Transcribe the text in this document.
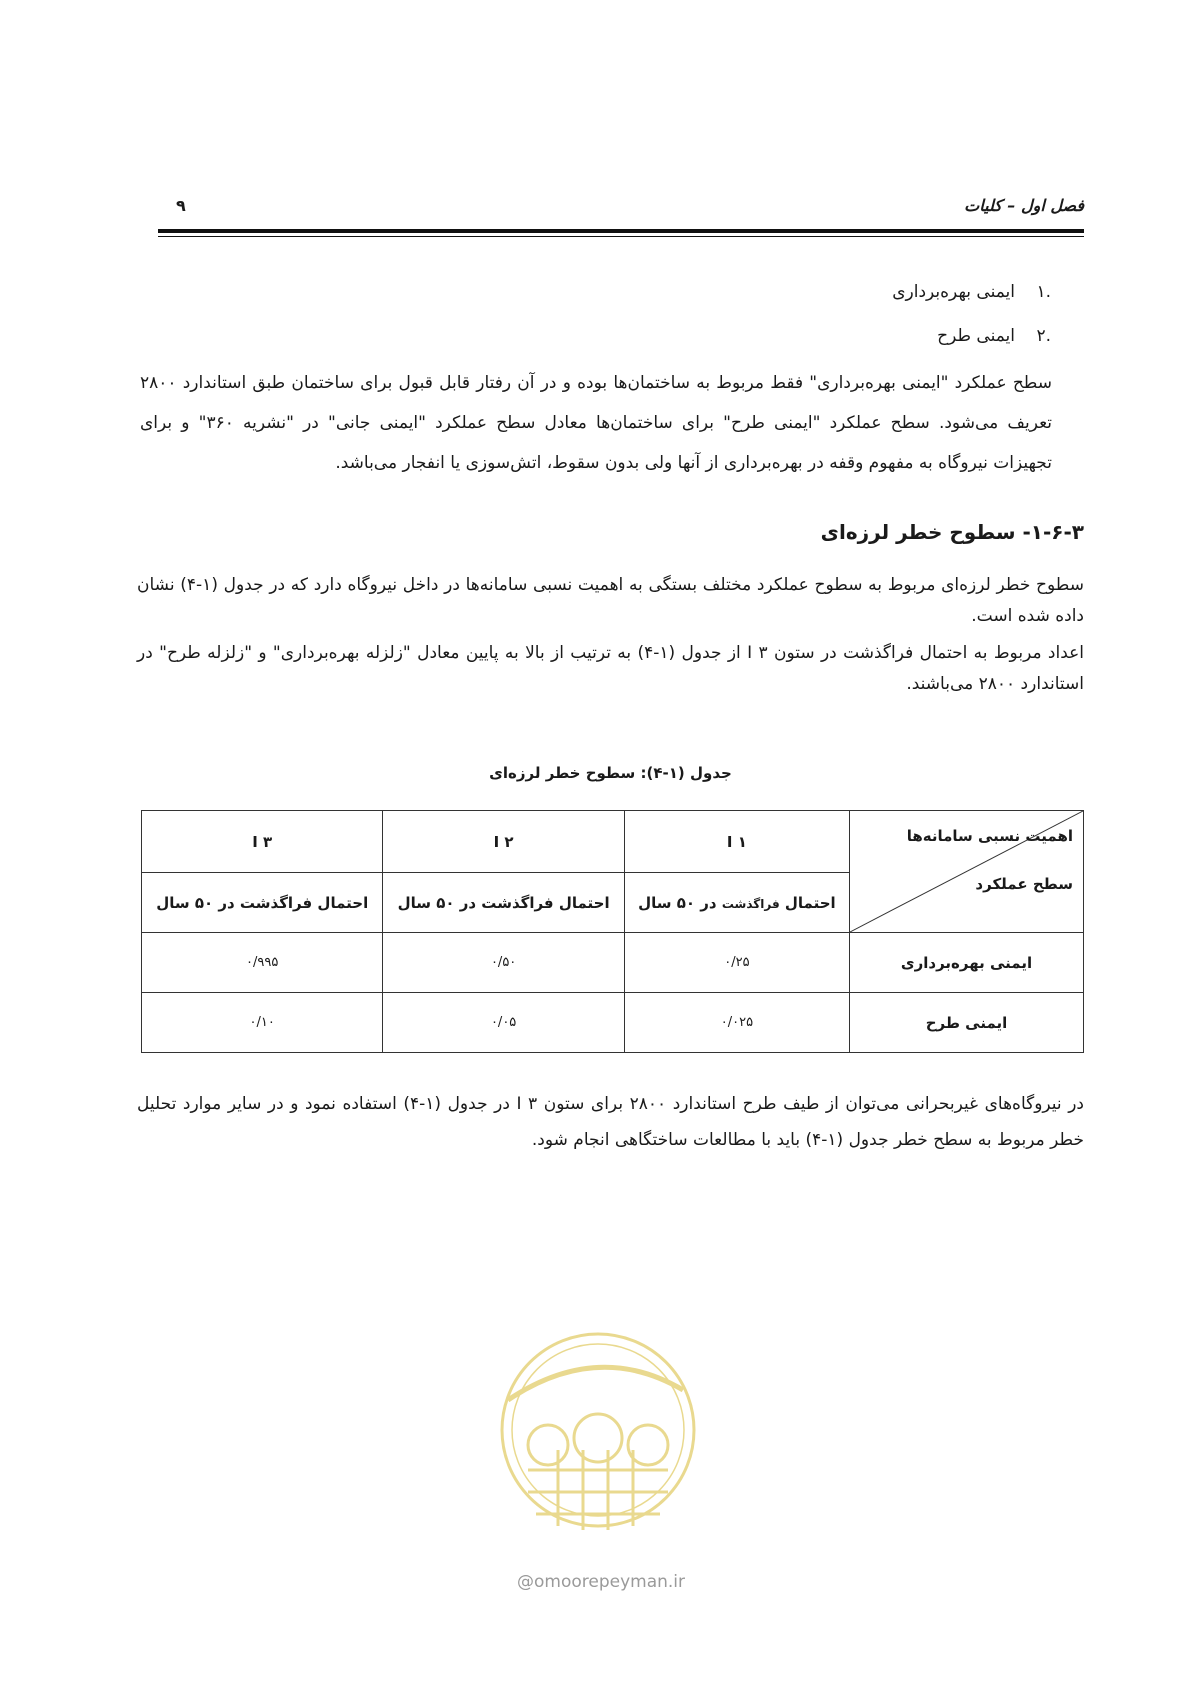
فصل اول – کلیات
۹
.۱
ایمنی بهره‌برداری
.۲
ایمنی طرح
سطح عملکرد "ایمنی بهره‌برداری" فقط مربوط به ساختمان‌ها بوده و در آن رفتار قابل قبول برای ساختمان طبق استاندارد ۲۸۰۰ تعریف می‌شود. سطح عملکرد "ایمنی طرح" برای ساختمان‌ها معادل سطح عملکرد "ایمنی جانی" در "نشریه ۳۶۰" و برای تجهیزات نیروگاه به مفهوم وقفه در بهره‌برداری از آنها ولی بدون سقوط، اتش‌سوزی یا انفجار می‌باشد.
۱-۶-۳- سطوح خطر لرزه‌ای
سطوح خطر لرزه‌ای مربوط به سطوح عملکرد مختلف بستگی به اهمیت نسبی سامانه‌ها در داخل نیروگاه دارد که در جدول (۱-۴) نشان داده شده است.
اعداد مربوط به احتمال فراگذشت در ستون I ۳ از جدول (۱-۴) به ترتیب از بالا به پایین معادل "زلزله بهره‌برداری" و "زلزله طرح" در استاندارد ۲۸۰۰ می‌باشند.
جدول (۱-۴): سطوح خطر لرزه‌ای
اهمیت نسبی سامانه‌ها
سطح عملکرد	I ۱	I ۲	I ۳
	احتمال فراگذشت در ۵۰ سال	احتمال فراگذشت در ۵۰ سال	احتمال فراگذشت در ۵۰ سال
ایمنی بهره‌برداری	۰/۲۵	۰/۵۰	۰/۹۹۵
ایمنی طرح	۰/۰۲۵	۰/۰۵	۰/۱۰
در نیروگاه‌های غیربحرانی می‌توان از طیف طرح استاندارد ۲۸۰۰ برای ستون I ۳ در جدول (۱-۴) استفاده نمود و در سایر موارد تحلیل خطر مربوط به سطح خطر جدول (۱-۴) باید با مطالعات ساختگاهی انجام شود.
@omoorepeyman.ir
